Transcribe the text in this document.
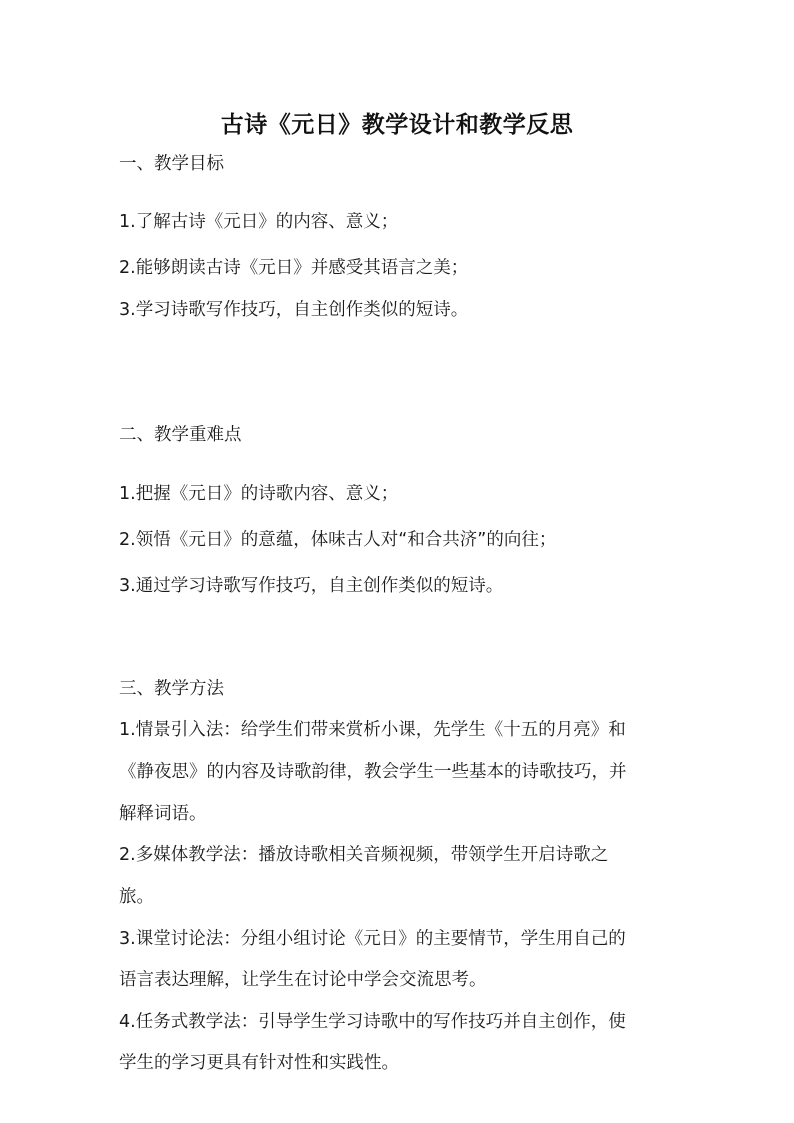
古诗《元日》教学设计和教学反思
一、教学目标
1.了解古诗《元日》的内容、意义；
2.能够朗读古诗《元日》并感受其语言之美；
3.学习诗歌写作技巧，自主创作类似的短诗。
二、教学重难点
1.把握《元日》的诗歌内容、意义；
2.领悟《元日》的意蕴，体味古人对“和合共济”的向往；
3.通过学习诗歌写作技巧，自主创作类似的短诗。
三、教学方法
1.情景引入法：给学生们带来赏析小课，先学生《十五的月亮》和
《静夜思》的内容及诗歌韵律，教会学生一些基本的诗歌技巧，并
解释词语。
2.多媒体教学法：播放诗歌相关音频视频，带领学生开启诗歌之
旅。
3.课堂讨论法：分组小组讨论《元日》的主要情节，学生用自己的
语言表达理解，让学生在讨论中学会交流思考。
4.任务式教学法：引导学生学习诗歌中的写作技巧并自主创作，使
学生的学习更具有针对性和实践性。
